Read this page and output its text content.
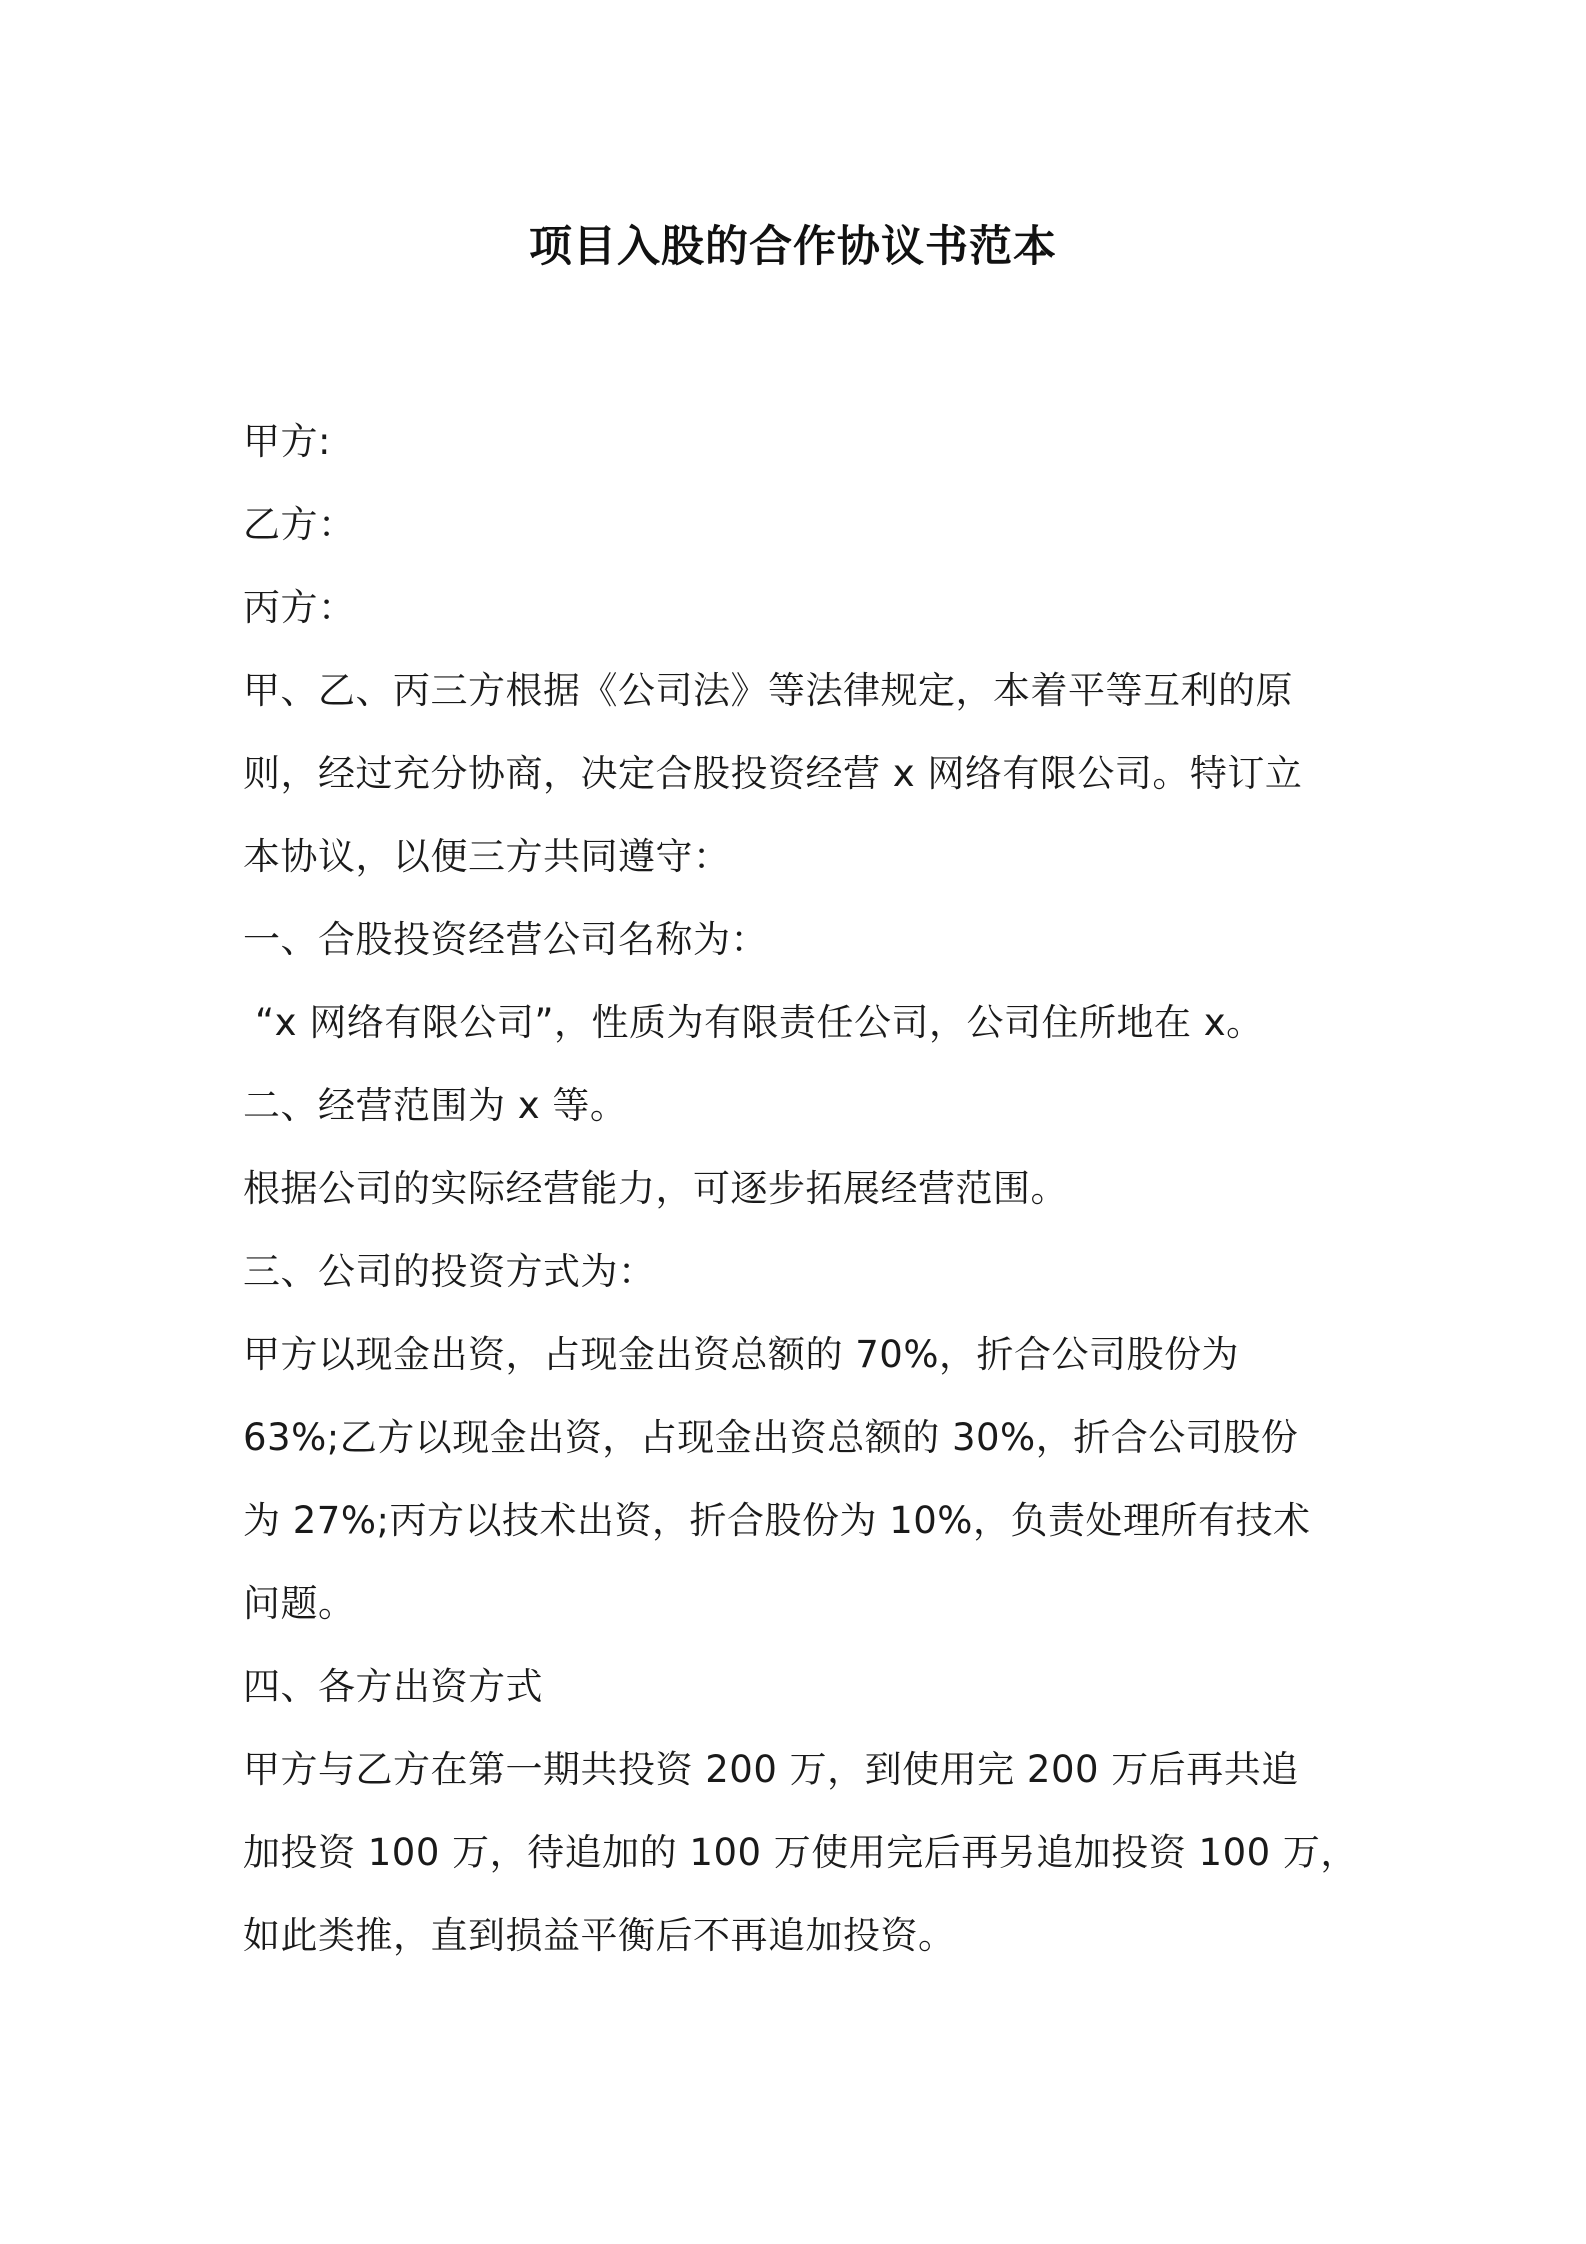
项目入股的合作协议书范本
甲方:
乙方：
丙方：
甲、乙、丙三方根据《公司法》等法律规定，本着平等互利的原
则，经过充分协商，决定合股投资经营 x 网络有限公司。特订立
本协议，以便三方共同遵守：
一、合股投资经营公司名称为：
“x 网络有限公司”，性质为有限责任公司，公司住所地在 x。
二、经营范围为 x 等。
根据公司的实际经营能力，可逐步拓展经营范围。
三、公司的投资方式为：
甲方以现金出资，占现金出资总额的 70%，折合公司股份为
63%;乙方以现金出资，占现金出资总额的 30%，折合公司股份
为 27%;丙方以技术出资，折合股份为 10%，负责处理所有技术
问题。
四、各方出资方式
甲方与乙方在第一期共投资 200 万，到使用完 200 万后再共追
加投资 100 万，待追加的 100 万使用完后再另追加投资 100 万，
如此类推，直到损益平衡后不再追加投资。
